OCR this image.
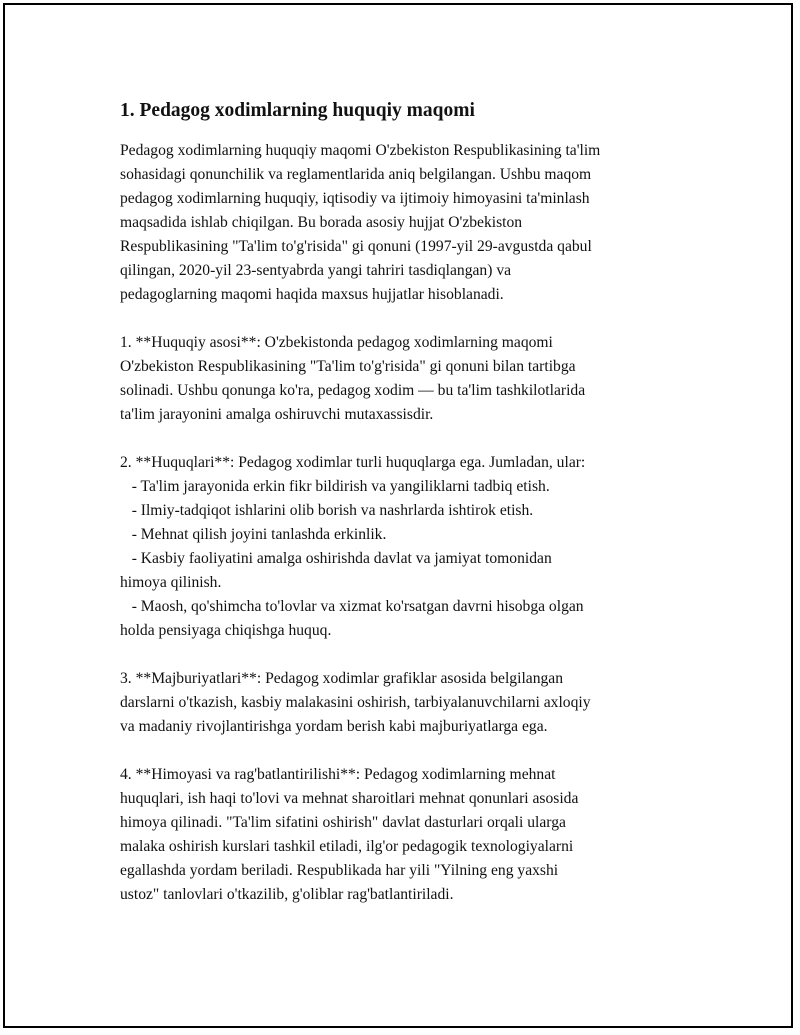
1. Pedagog xodimlarning huquqiy maqomi
Pedagog xodimlarning huquqiy maqomi O'zbekiston Respublikasining ta'lim
sohasidagi qonunchilik va reglamentlarida aniq belgilangan. Ushbu maqom
pedagog xodimlarning huquqiy, iqtisodiy va ijtimoiy himoyasini ta'minlash
maqsadida ishlab chiqilgan. Bu borada asosiy hujjat O'zbekiston
Respublikasining "Ta'lim to'g'risida" gi qonuni (1997-yil 29-avgustda qabul
qilingan, 2020-yil 23-sentyabrda yangi tahriri tasdiqlangan) va
pedagoglarning maqomi haqida maxsus hujjatlar hisoblanadi.
1. **Huquqiy asosi**: O'zbekistonda pedagog xodimlarning maqomi
O'zbekiston Respublikasining "Ta'lim to'g'risida" gi qonuni bilan tartibga
solinadi. Ushbu qonunga ko'ra, pedagog xodim — bu ta'lim tashkilotlarida
ta'lim jarayonini amalga oshiruvchi mutaxassisdir.
2. **Huquqlari**: Pedagog xodimlar turli huquqlarga ega. Jumladan, ular:
- Ta'lim jarayonida erkin fikr bildirish va yangiliklarni tadbiq etish.
- Ilmiy-tadqiqot ishlarini olib borish va nashrlarda ishtirok etish.
- Mehnat qilish joyini tanlashda erkinlik.
- Kasbiy faoliyatini amalga oshirishda davlat va jamiyat tomonidan
himoya qilinish.
- Maosh, qo'shimcha to'lovlar va xizmat ko'rsatgan davrni hisobga olgan
holda pensiyaga chiqishga huquq.
3. **Majburiyatlari**: Pedagog xodimlar grafiklar asosida belgilangan
darslarni o'tkazish, kasbiy malakasini oshirish, tarbiyalanuvchilarni axloqiy
va madaniy rivojlantirishga yordam berish kabi majburiyatlarga ega.
4. **Himoyasi va rag'batlantirilishi**: Pedagog xodimlarning mehnat
huquqlari, ish haqi to'lovi va mehnat sharoitlari mehnat qonunlari asosida
himoya qilinadi. "Ta'lim sifatini oshirish" davlat dasturlari orqali ularga
malaka oshirish kurslari tashkil etiladi, ilg'or pedagogik texnologiyalarni
egallashda yordam beriladi. Respublikada har yili "Yilning eng yaxshi
ustoz" tanlovlari o'tkazilib, g'oliblar rag'batlantiriladi.
